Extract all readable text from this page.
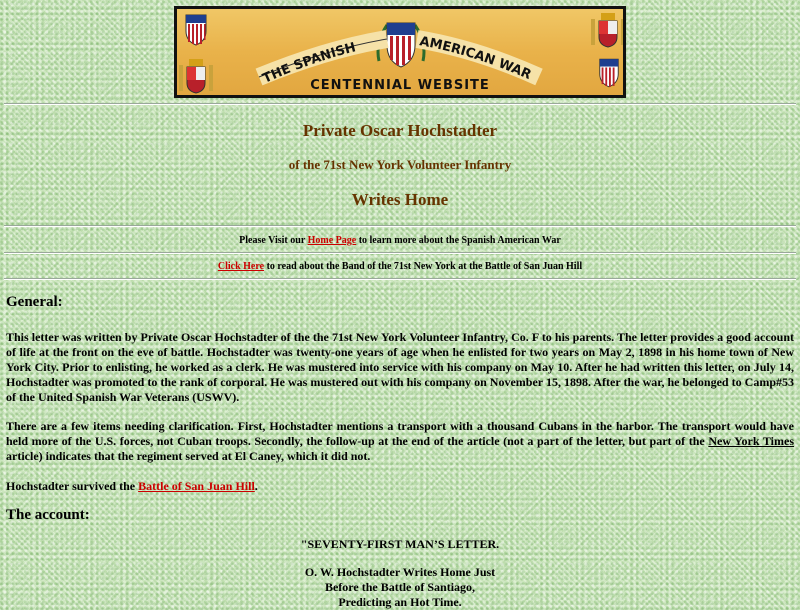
THE SPANISH	AMERICAN WAR
CENTENNIAL WEBSITE
Private Oscar Hochstadter
of the 71st New York Volunteer Infantry
Writes Home
Please Visit our Home Page to learn more about the Spanish American War
Click Here to read about the Band of the 71st New York at the Battle of San Juan Hill
General:
This letter was written by Private Oscar Hochstadter of the the 71st New York Volunteer Infantry, Co. F to his parents. The letter provides a good account of life at the front on the eve of battle. Hochstadter was twenty-one years of age when he enlisted for two years on May 2, 1898 in his home town of New York City. Prior to enlisting, he worked as a clerk. He was mustered into service with his company on May 10. After he had written this letter, on July 14, Hochstadter was promoted to the rank of corporal. He was mustered out with his company on November 15, 1898. After the war, he belonged to Camp#53 of the United Spanish War Veterans (USWV).
There are a few items needing clarification. First, Hochstadter mentions a transport with a thousand Cubans in the harbor. The transport would have held more of the U.S. forces, not Cuban troops. Secondly, the follow-up at the end of the article (not a part of the letter, but part of the New York Times article) indicates that the regiment served at El Caney, which it did not.
Hochstadter survived the Battle of San Juan Hill.
The account:
"SEVENTY-FIRST MAN’S LETTER.
O. W. Hochstadter Writes Home Just
Before the Battle of Santiago,
Predicting an Hot Time.
